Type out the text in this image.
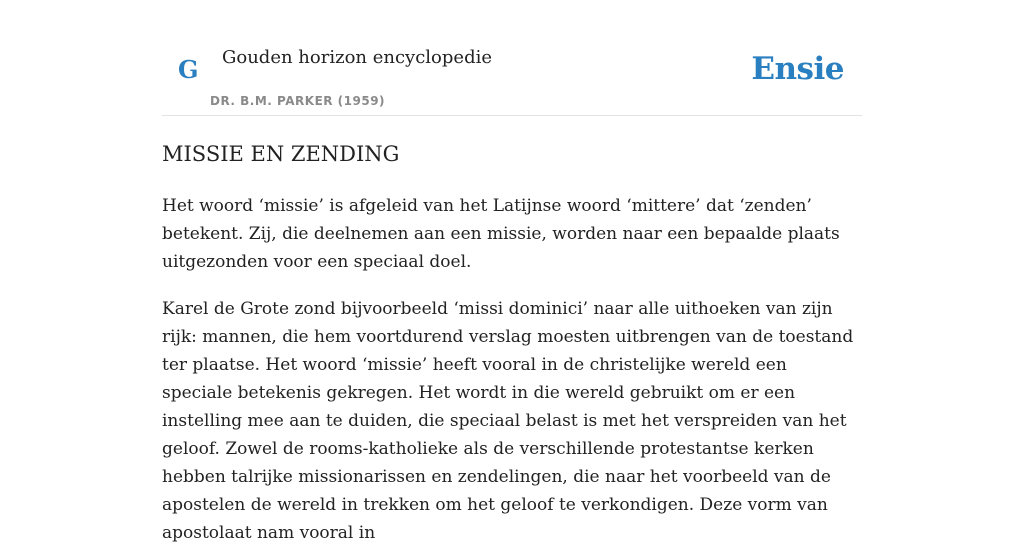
G Gouden horizon encyclopedie
DR. B.M. PARKER (1959)
Ensie
MISSIE EN ZENDING

Het woord ‘missie’ is afgeleid van het Latijnse woord ‘mittere’ dat ‘zenden’ betekent. Zij, die deelnemen aan een missie, worden naar een bepaalde plaats uitgezonden voor een speciaal doel.

Karel de Grote zond bijvoorbeeld ‘missi dominici’ naar alle uithoeken van zijn rijk: mannen, die hem voortdurend verslag moesten uitbrengen van de toestand ter plaatse. Het woord ‘missie’ heeft vooral in de christelijke wereld een speciale betekenis gekregen. Het wordt in die wereld gebruikt om er een instelling mee aan te duiden, die speciaal belast is met het verspreiden van het geloof. Zowel de rooms-katholieke als de verschillende protestantse kerken hebben talrijke missionarissen en zendelingen, die naar het voorbeeld van de apostelen de wereld in trekken om het geloof te verkondigen. Deze vorm van apostolaat nam vooral in
